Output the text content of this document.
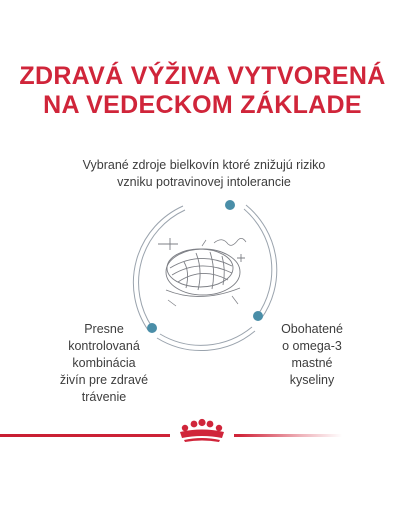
ZDRAVÁ VÝŽIVA VYTVORENÁ
NA VEDECKOM ZÁKLADE
Vybrané zdroje bielkovín ktoré znižujú riziko
vzniku potravinovej intolerancie
Presne
kontrolovaná
kombinácia
živín pre zdravé
trávenie
Obohatené
o omega-3
mastné
kyseliny
